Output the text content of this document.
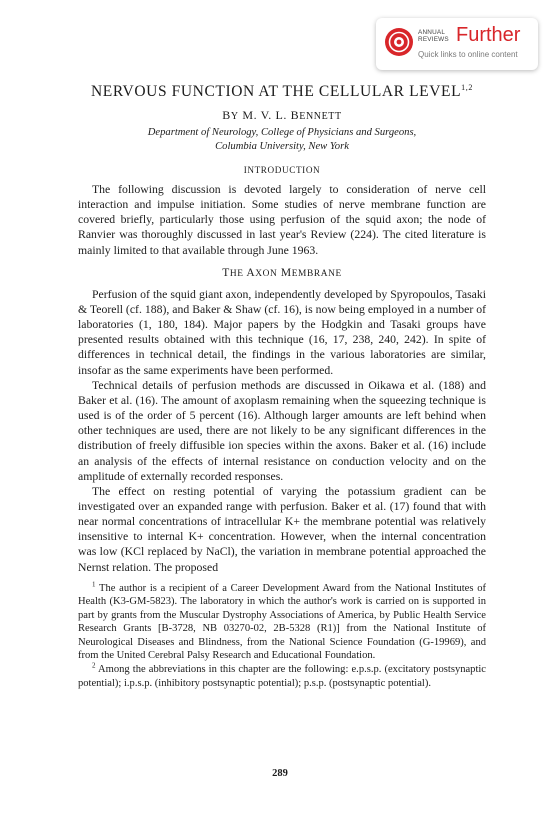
ANNUAL
REVIEWS Further
Quick links to online content
NERVOUS FUNCTION AT THE CELLULAR LEVEL$^{1,2}$
BY M. V. L. BENNETT
Department of Neurology, College of Physicians and Surgeons,
Columbia University, New York
INTRODUCTION

The following discussion is devoted largely to consideration of nerve cell interaction and impulse initiation. Some studies of nerve membrane function are covered briefly, particularly those using perfusion of the squid axon; the node of Ranvier was thoroughly discussed in last year's Review (224). The cited literature is mainly limited to that available through June 1963.

THE AXON MEMBRANE

Perfusion of the squid giant axon, independently developed by Spyropoulos, Tasaki & Teorell (cf. 188), and Baker & Shaw (cf. 16), is now being employed in a number of laboratories (1, 180, 184). Major papers by the Hodgkin and Tasaki groups have presented results obtained with this technique (16, 17, 238, 240, 242). In spite of differences in technical detail, the findings in the various laboratories are similar, insofar as the same experiments have been performed.

Technical details of perfusion methods are discussed in Oikawa et al. (188) and Baker et al. (16). The amount of axoplasm remaining when the squeezing technique is used is of the order of 5 percent (16). Although larger amounts are left behind when other techniques are used, there are not likely to be any significant differences in the distribution of freely diffusible ion species within the axons. Baker et al. (16) include an analysis of the effects of internal resistance on conduction velocity and on the amplitude of externally recorded responses.

The effect on resting potential of varying the potassium gradient can be investigated over an expanded range with perfusion. Baker et al. (17) found that with near normal concentrations of intracellular K+ the membrane potential was relatively insensitive to internal K+ concentration. However, when the internal concentration was low (KCl replaced by NaCl), the variation in membrane potential approached the Nernst relation. The proposed

$^1$ The author is a recipient of a Career Development Award from the National Institutes of Health (K3-GM-5823). The laboratory in which the author's work is carried on is supported in part by grants from the Muscular Dystrophy Associations of America, by Public Health Service Research Grants [B-3728, NB 03270-02, 2B-5328 (R1)] from the National Institute of Neurological Diseases and Blindness, from the National Science Foundation (G-19969), and from the United Cerebral Palsy Research and Educational Foundation.

$^2$ Among the abbreviations in this chapter are the following: e.p.s.p. (excitatory postsynaptic potential); i.p.s.p. (inhibitory postsynaptic potential); p.s.p. (postsynaptic potential).

289
